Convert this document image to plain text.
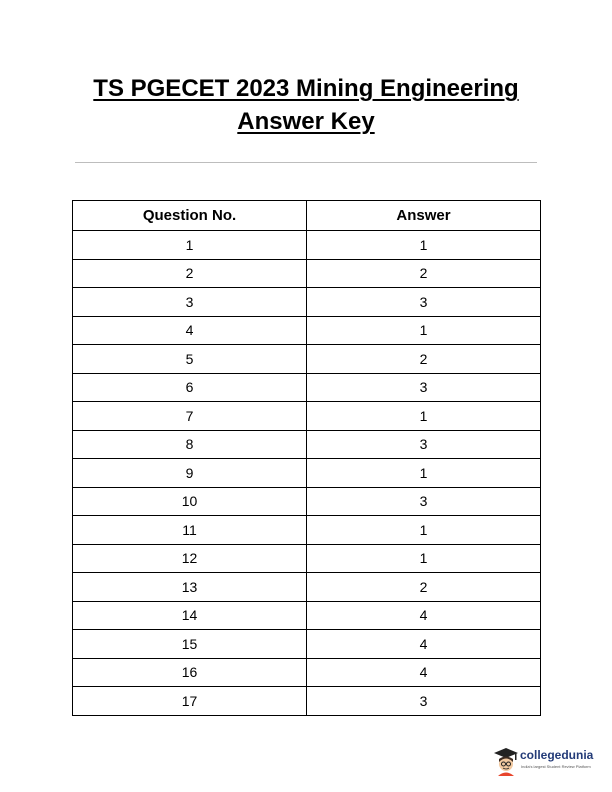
TS PGECET 2023 Mining Engineering
Answer Key
Question No.	Answer
1	1
2	2
3	3
4	1
5	2
6	3
7	1
8	3
9	1
10	3
11	1
12	1
13	2
14	4
15	4
16	4
17	3
collegedunia
India's largest Student Review Platform
